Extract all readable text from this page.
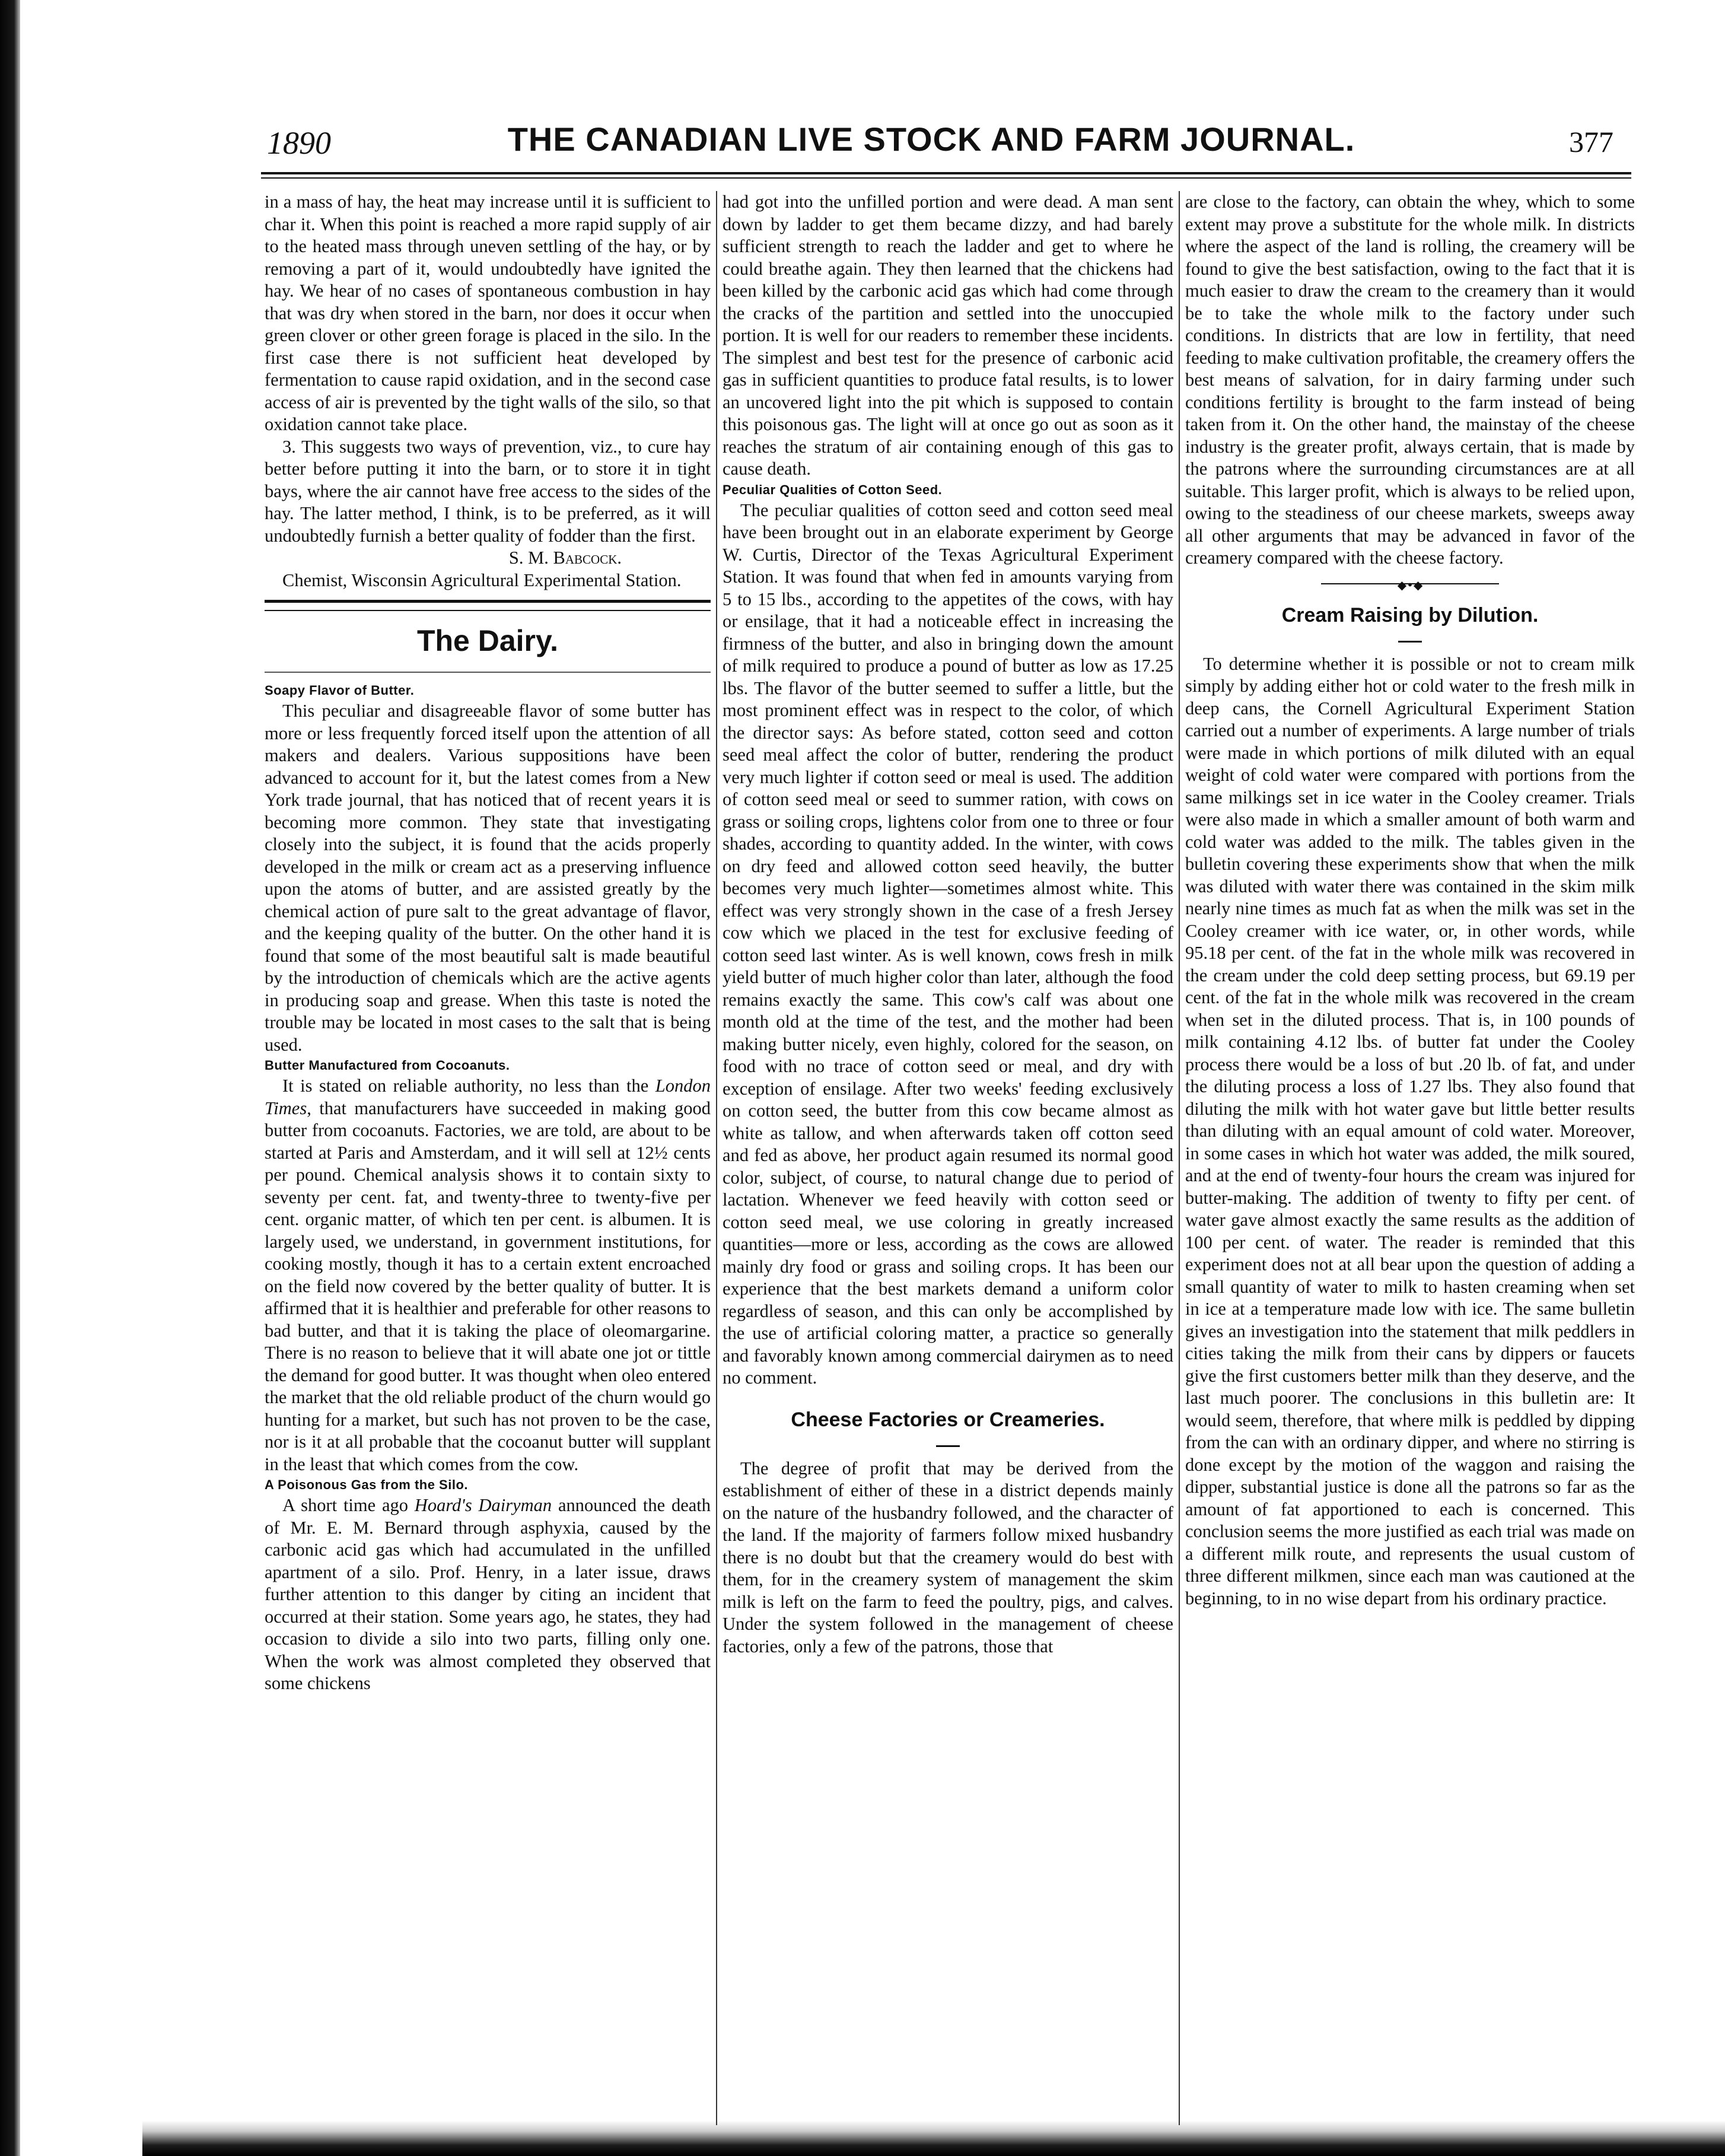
1890	THE CANADIAN LIVE STOCK AND FARM JOURNAL.	377

in a mass of hay, the heat may increase until it is sufficient to char it. When this point is reached a more rapid supply of air to the heated mass through uneven settling of the hay, or by removing a part of it, would undoubtedly have ignited the hay. We hear of no cases of spontaneous combustion in hay that was dry when stored in the barn, nor does it occur when green clover or other green forage is placed in the silo. In the first case there is not sufficient heat developed by fermentation to cause rapid oxidation, and in the second case access of air is prevented by the tight walls of the silo, so that oxidation cannot take place.

3. This suggests two ways of prevention, viz., to cure hay better before putting it into the barn, or to store it in tight bays, where the air cannot have free access to the sides of the hay. The latter method, I think, is to be preferred, as it will undoubtedly furnish a better quality of fodder than the first.

S. M. Babcock.

Chemist, Wisconsin Agricultural Experimental Station.

The Dairy.

Soapy Flavor of Butter.

This peculiar and disagreeable flavor of some butter has more or less frequently forced itself upon the attention of all makers and dealers. Various suppositions have been advanced to account for it, but the latest comes from a New York trade journal, that has noticed that of recent years it is becoming more common. They state that investigating closely into the subject, it is found that the acids properly developed in the milk or cream act as a preserving influence upon the atoms of butter, and are assisted greatly by the chemical action of pure salt to the great advantage of flavor, and the keeping quality of the butter. On the other hand it is found that some of the most beautiful salt is made beautiful by the introduction of chemicals which are the active agents in producing soap and grease. When this taste is noted the trouble may be located in most cases to the salt that is being used.

Butter Manufactured from Cocoanuts.

It is stated on reliable authority, no less than the London Times, that manufacturers have succeeded in making good butter from cocoanuts. Factories, we are told, are about to be started at Paris and Amsterdam, and it will sell at 12½ cents per pound. Chemical analysis shows it to contain sixty to seventy per cent. fat, and twenty-three to twenty-five per cent. organic matter, of which ten per cent. is albumen. It is largely used, we understand, in government institutions, for cooking mostly, though it has to a certain extent encroached on the field now covered by the better quality of butter. It is affirmed that it is healthier and preferable for other reasons to bad butter, and that it is taking the place of oleomargarine. There is no reason to believe that it will abate one jot or tittle the demand for good butter. It was thought when oleo entered the market that the old reliable product of the churn would go hunting for a market, but such has not proven to be the case, nor is it at all probable that the cocoanut butter will supplant in the least that which comes from the cow.

A Poisonous Gas from the Silo.

A short time ago Hoard's Dairyman announced the death of Mr. E. M. Bernard through asphyxia, caused by the carbonic acid gas which had accumulated in the unfilled apartment of a silo. Prof. Henry, in a later issue, draws further attention to this danger by citing an incident that occurred at their station. Some years ago, he states, they had occasion to divide a silo into two parts, filling only one. When the work was almost completed they observed that some chickens

had got into the unfilled portion and were dead. A man sent down by ladder to get them became dizzy, and had barely sufficient strength to reach the ladder and get to where he could breathe again. They then learned that the chickens had been killed by the carbonic acid gas which had come through the cracks of the partition and settled into the unoccupied portion. It is well for our readers to remember these incidents. The simplest and best test for the presence of carbonic acid gas in sufficient quantities to produce fatal results, is to lower an uncovered light into the pit which is supposed to contain this poisonous gas. The light will at once go out as soon as it reaches the stratum of air containing enough of this gas to cause death.

Peculiar Qualities of Cotton Seed.

The peculiar qualities of cotton seed and cotton seed meal have been brought out in an elaborate experiment by George W. Curtis, Director of the Texas Agricultural Experiment Station. It was found that when fed in amounts varying from 5 to 15 lbs., according to the appetites of the cows, with hay or ensilage, that it had a noticeable effect in increasing the firmness of the butter, and also in bringing down the amount of milk required to produce a pound of butter as low as 17.25 lbs. The flavor of the butter seemed to suffer a little, but the most prominent effect was in respect to the color, of which the director says: As before stated, cotton seed and cotton seed meal affect the color of butter, rendering the product very much lighter if cotton seed or meal is used. The addition of cotton seed meal or seed to summer ration, with cows on grass or soiling crops, lightens color from one to three or four shades, according to quantity added. In the winter, with cows on dry feed and allowed cotton seed heavily, the butter becomes very much lighter—sometimes almost white. This effect was very strongly shown in the case of a fresh Jersey cow which we placed in the test for exclusive feeding of cotton seed last winter. As is well known, cows fresh in milk yield butter of much higher color than later, although the food remains exactly the same. This cow's calf was about one month old at the time of the test, and the mother had been making butter nicely, even highly, colored for the season, on food with no trace of cotton seed or meal, and dry with exception of ensilage. After two weeks' feeding exclusively on cotton seed, the butter from this cow became almost as white as tallow, and when afterwards taken off cotton seed and fed as above, her product again resumed its normal good color, subject, of course, to natural change due to period of lactation. Whenever we feed heavily with cotton seed or cotton seed meal, we use coloring in greatly increased quantities—more or less, according as the cows are allowed mainly dry food or grass and soiling crops. It has been our experience that the best markets demand a uniform color regardless of season, and this can only be accomplished by the use of artificial coloring matter, a practice so generally and favorably known among commercial dairymen as to need no comment.

Cheese Factories or Creameries.

The degree of profit that may be derived from the establishment of either of these in a district depends mainly on the nature of the husbandry followed, and the character of the land. If the majority of farmers follow mixed husbandry there is no doubt but that the creamery would do best with them, for in the creamery system of management the skim milk is left on the farm to feed the poultry, pigs, and calves. Under the system followed in the management of cheese factories, only a few of the patrons, those that

are close to the factory, can obtain the whey, which to some extent may prove a substitute for the whole milk. In districts where the aspect of the land is rolling, the creamery will be found to give the best satisfaction, owing to the fact that it is much easier to draw the cream to the creamery than it would be to take the whole milk to the factory under such conditions. In districts that are low in fertility, that need feeding to make cultivation profitable, the creamery offers the best means of salvation, for in dairy farming under such conditions fertility is brought to the farm instead of being taken from it. On the other hand, the mainstay of the cheese industry is the greater profit, always certain, that is made by the patrons where the surrounding circumstances are at all suitable. This larger profit, which is always to be relied upon, owing to the steadiness of our cheese markets, sweeps away all other arguments that may be advanced in favor of the creamery compared with the cheese factory.

◆•◆
Cream Raising by Dilution.

To determine whether it is possible or not to cream milk simply by adding either hot or cold water to the fresh milk in deep cans, the Cornell Agricultural Experiment Station carried out a number of experiments. A large number of trials were made in which portions of milk diluted with an equal weight of cold water were compared with portions from the same milkings set in ice water in the Cooley creamer. Trials were also made in which a smaller amount of both warm and cold water was added to the milk. The tables given in the bulletin covering these experiments show that when the milk was diluted with water there was contained in the skim milk nearly nine times as much fat as when the milk was set in the Cooley creamer with ice water, or, in other words, while 95.18 per cent. of the fat in the whole milk was recovered in the cream under the cold deep setting process, but 69.19 per cent. of the fat in the whole milk was recovered in the cream when set in the diluted process. That is, in 100 pounds of milk containing 4.12 lbs. of butter fat under the Cooley process there would be a loss of but .20 lb. of fat, and under the diluting process a loss of 1.27 lbs. They also found that diluting the milk with hot water gave but little better results than diluting with an equal amount of cold water. Moreover, in some cases in which hot water was added, the milk soured, and at the end of twenty-four hours the cream was injured for butter-making. The addition of twenty to fifty per cent. of water gave almost exactly the same results as the addition of 100 per cent. of water. The reader is reminded that this experiment does not at all bear upon the question of adding a small quantity of water to milk to hasten creaming when set in ice at a temperature made low with ice. The same bulletin gives an investigation into the statement that milk peddlers in cities taking the milk from their cans by dippers or faucets give the first customers better milk than they deserve, and the last much poorer. The conclusions in this bulletin are: It would seem, therefore, that where milk is peddled by dipping from the can with an ordinary dipper, and where no stirring is done except by the motion of the waggon and raising the dipper, substantial justice is done all the patrons so far as the amount of fat apportioned to each is concerned. This conclusion seems the more justified as each trial was made on a different milk route, and represents the usual custom of three different milkmen, since each man was cautioned at the beginning, to in no wise depart from his ordinary practice.
